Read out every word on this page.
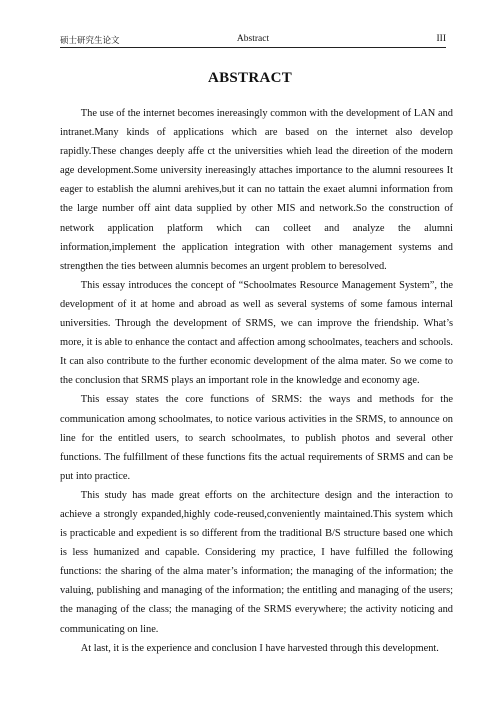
硕士研究生论文	Abstract	III
ABSTRACT

The use of the internet becomes inereasingly common with the development of LAN and intranet.Many kinds of applications which are based on the internet also develop rapidly.These changes deeply affe ct the universities whieh lead the direetion of the modern age development.Some university inereasingly attaches importance to the alumni resourees It eager to establish the alumni arehives,but it can no tattain the exaet alumni information from the large number off aint data supplied by other MIS and network.So the construction of network application platform which can colleet and analyze the alumni information,implement the application integration with other management systems and strengthen the ties between alumnis becomes an urgent problem to beresolved.

This essay introduces the concept of “Schoolmates Resource Management System”, the development of it at home and abroad as well as several systems of some famous internal universities. Through the development of SRMS, we can improve the friendship. What’s more, it is able to enhance the contact and affection among schoolmates, teachers and schools. It can also contribute to the further economic development of the alma mater. So we come to the conclusion that SRMS plays an important role in the knowledge and economy age.

This essay states the core functions of SRMS: the ways and methods for the communication among schoolmates, to notice various activities in the SRMS, to announce on line for the entitled users, to search schoolmates, to publish photos and several other functions. The fulfillment of these functions fits the actual requirements of SRMS and can be put into practice.

This study has made great efforts on the architecture design and the interaction to achieve a strongly expanded,highly code-reused,conveniently maintained.This system which is practicable and expedient is so different from the traditional B/S structure based one which is less humanized and capable. Considering my practice, I have fulfilled the following functions: the sharing of the alma mater’s information; the managing of the information; the valuing, publishing and managing of the information; the entitling and managing of the users; the managing of the class; the managing of the SRMS everywhere; the activity noticing and communicating on line.

At last, it is the experience and conclusion I have harvested through this development.
